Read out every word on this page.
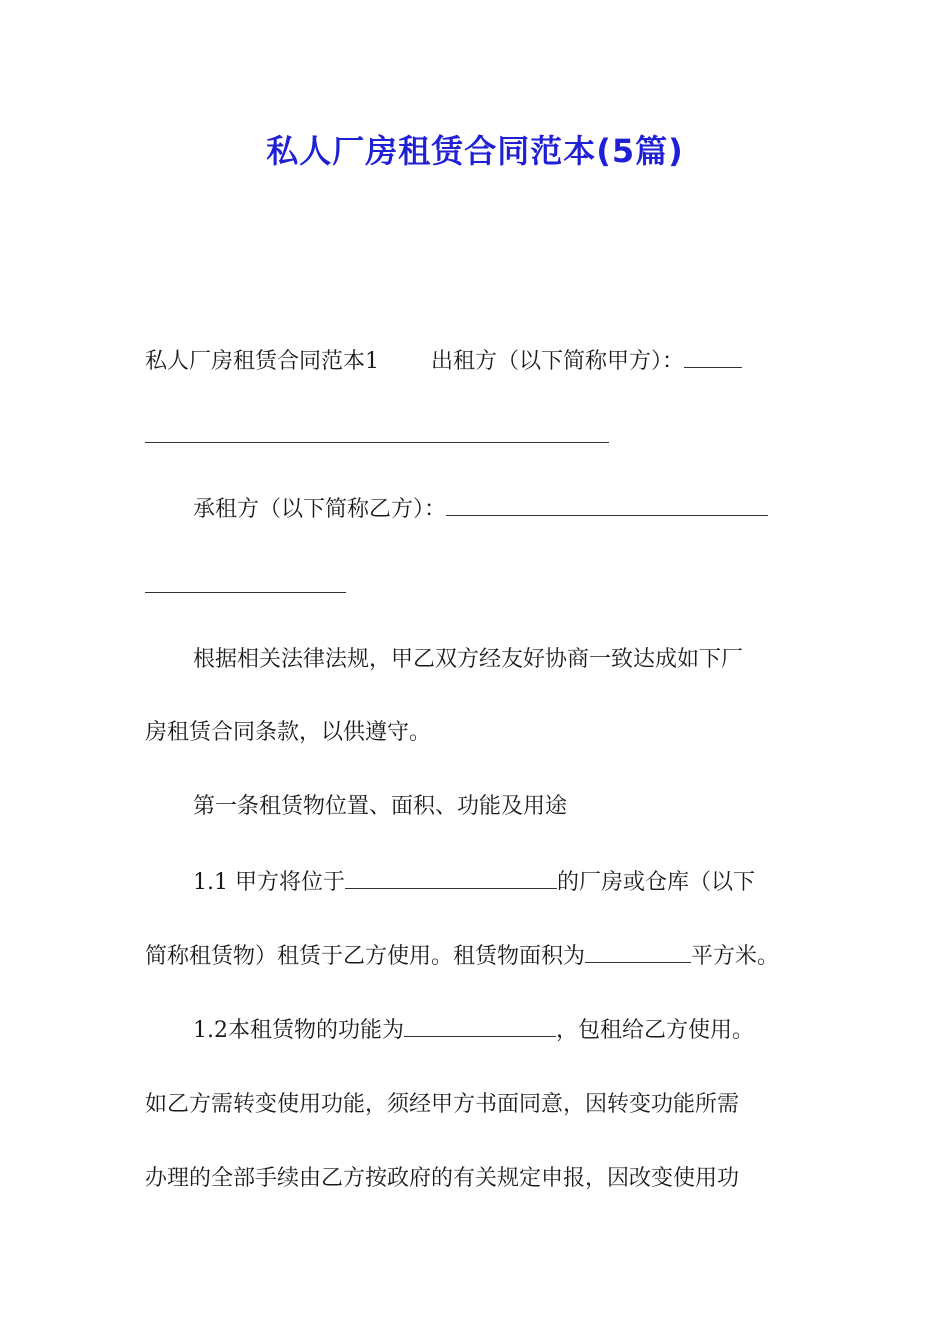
私人厂房租赁合同范本(5篇)
私人厂房租赁合同范本1 出租方（以下简称甲方）：
承租方（以下简称乙方）：
根据相关法律法规，甲乙双方经友好协商一致达成如下厂
房租赁合同条款，以供遵守。
第一条租赁物位置、面积、功能及用途
1.1 甲方将位于	的厂房或仓库（以下
简称租赁物）租赁于乙方使用。租赁物面积为	平方米。
1.2本租赁物的功能为	，包租给乙方使用。
如乙方需转变使用功能，须经甲方书面同意，因转变功能所需
办理的全部手续由乙方按政府的有关规定申报，因改变使用功
